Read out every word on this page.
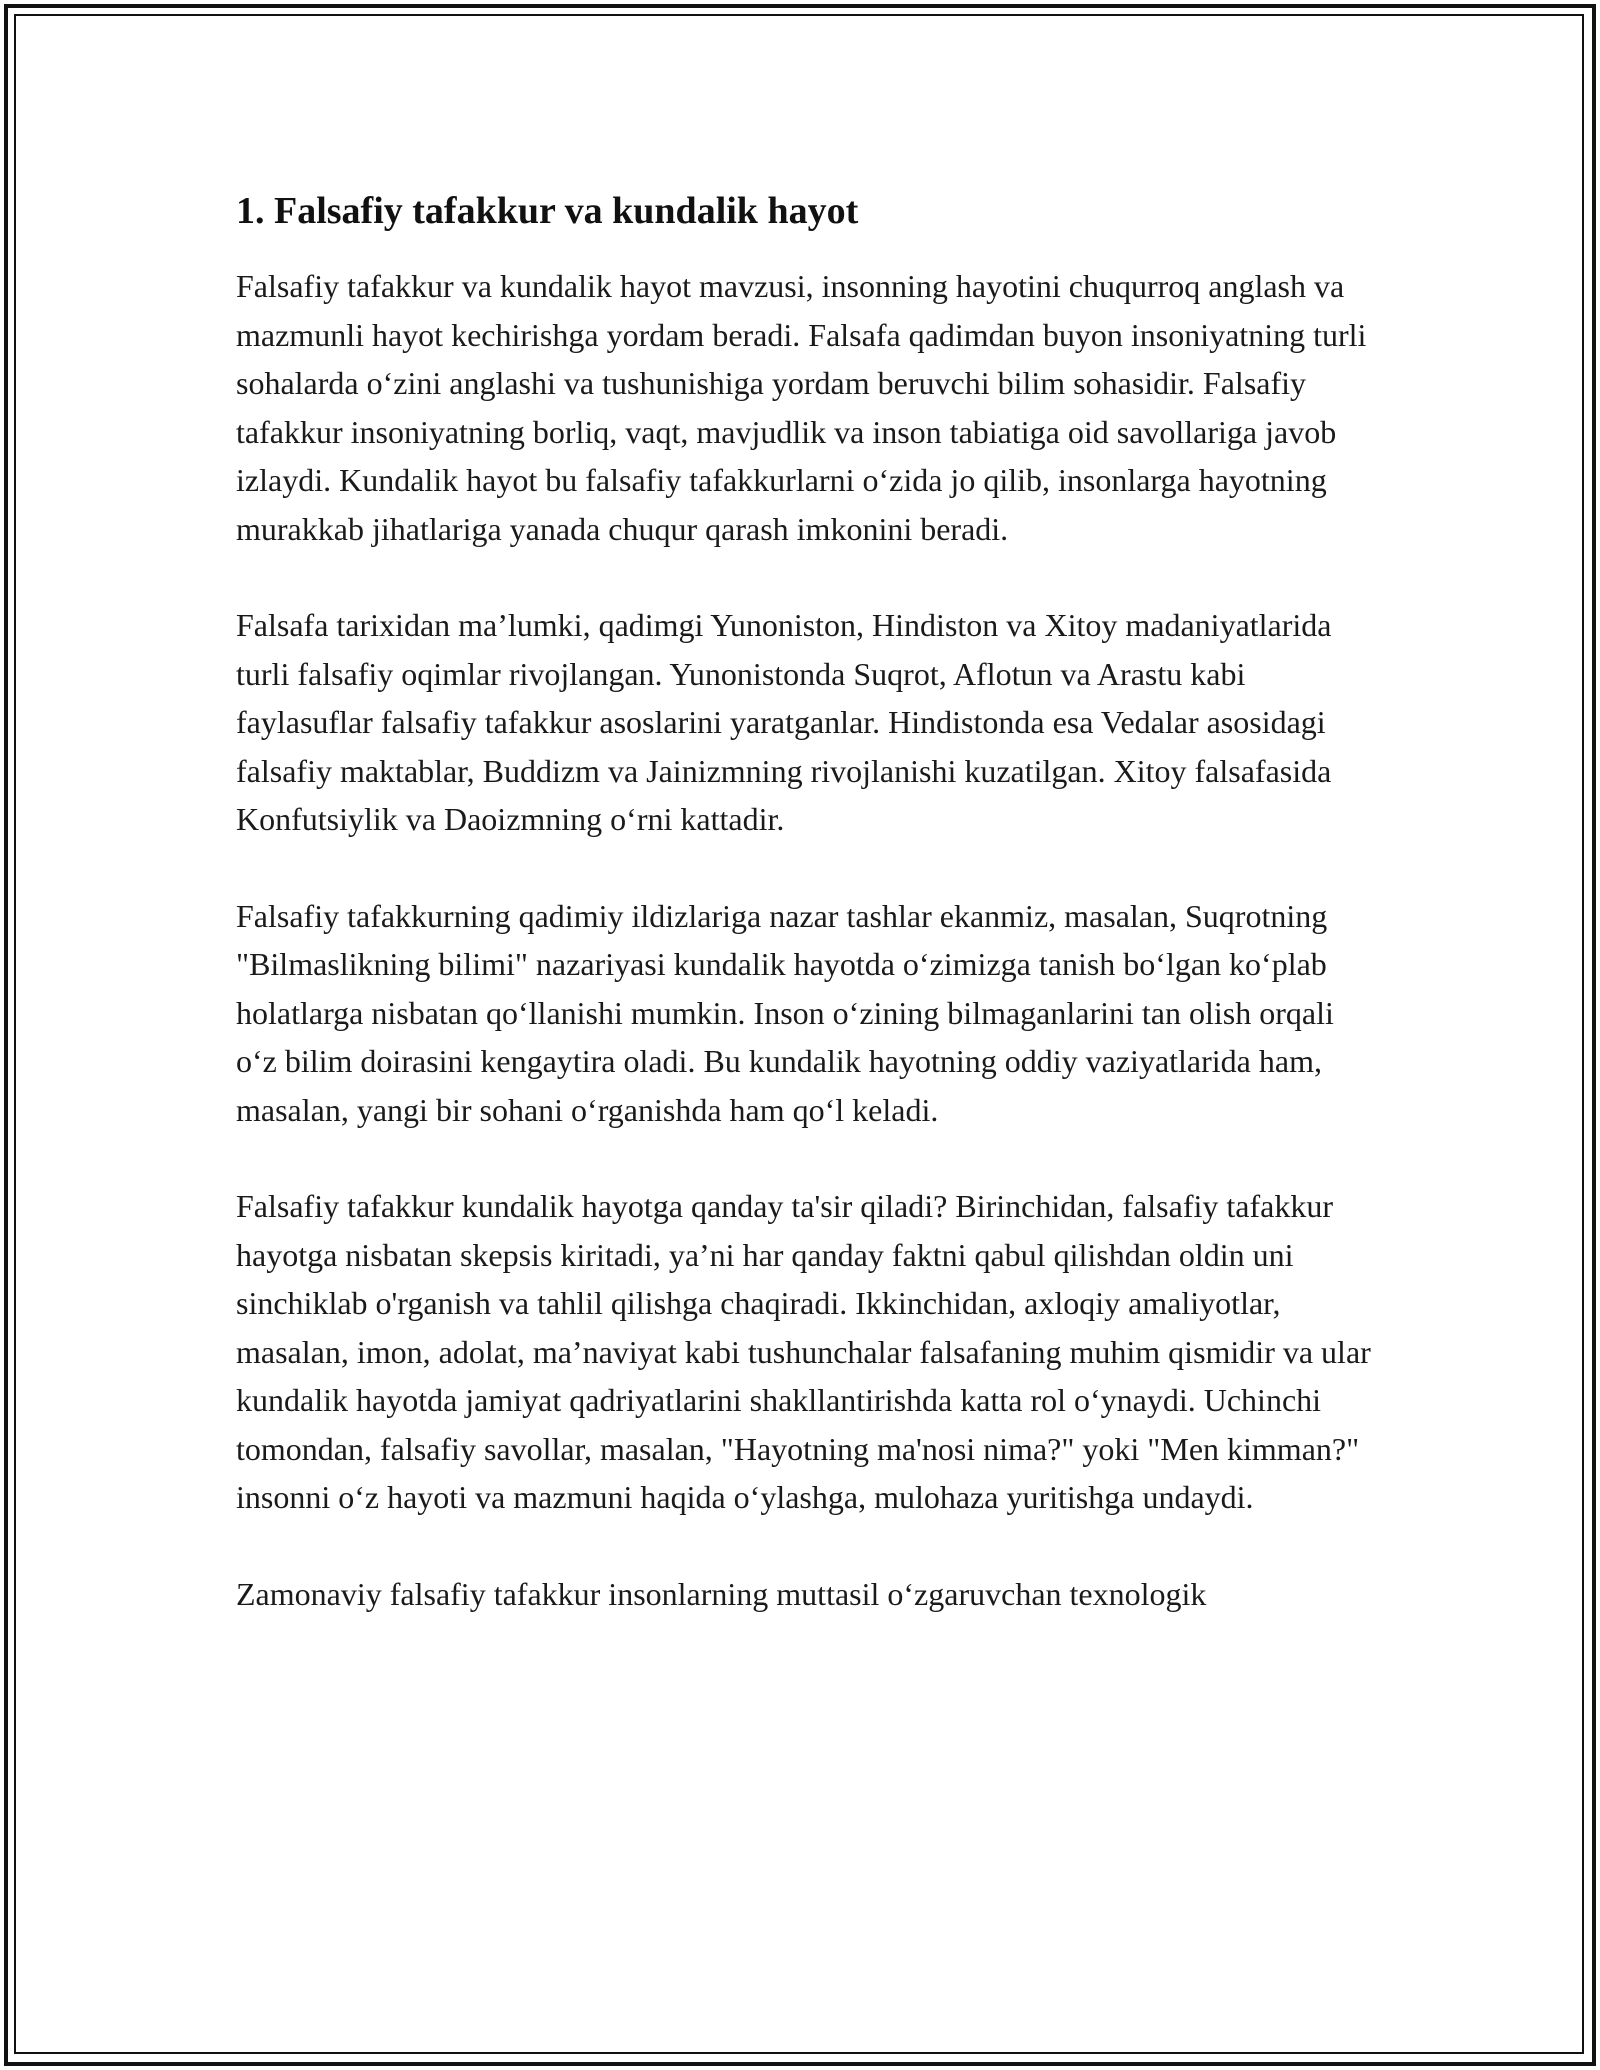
1. Falsafiy tafakkur va kundalik hayot

Falsafiy tafakkur va kundalik hayot mavzusi, insonning hayotini chuqurroq anglash va mazmunli hayot kechirishga yordam beradi. Falsafa qadimdan buyon insoniyatning turli sohalarda oʻzini anglashi va tushunishiga yordam beruvchi bilim sohasidir. Falsafiy tafakkur insoniyatning borliq, vaqt, mavjudlik va inson tabiatiga oid savollariga javob izlaydi. Kundalik hayot bu falsafiy tafakkurlarni oʻzida jo qilib, insonlarga hayotning murakkab jihatlariga yanada chuqur qarash imkonini beradi.

Falsafa tarixidan ma’lumki, qadimgi Yunoniston, Hindiston va Xitoy madaniyatlarida turli falsafiy oqimlar rivojlangan. Yunonistonda Suqrot, Aflotun va Arastu kabi faylasuflar falsafiy tafakkur asoslarini yaratganlar. Hindistonda esa Vedalar asosidagi falsafiy maktablar, Buddizm va Jainizmning rivojlanishi kuzatilgan. Xitoy falsafasida Konfutsiylik va Daoizmning oʻrni kattadir.

Falsafiy tafakkurning qadimiy ildizlariga nazar tashlar ekanmiz, masalan, Suqrotning "Bilmaslikning bilimi" nazariyasi kundalik hayotda oʻzimizga tanish boʻlgan koʻplab holatlarga nisbatan qoʻllanishi mumkin. Inson oʻzining bilmaganlarini tan olish orqali oʻz bilim doirasini kengaytira oladi. Bu kundalik hayotning oddiy vaziyatlarida ham, masalan, yangi bir sohani oʻrganishda ham qoʻl keladi.

Falsafiy tafakkur kundalik hayotga qanday ta'sir qiladi? Birinchidan, falsafiy tafakkur hayotga nisbatan skepsis kiritadi, ya’ni har qanday faktni qabul qilishdan oldin uni sinchiklab o'rganish va tahlil qilishga chaqiradi. Ikkinchidan, axloqiy amaliyotlar, masalan, imon, adolat, ma’naviyat kabi tushunchalar falsafaning muhim qismidir va ular kundalik hayotda jamiyat qadriyatlarini shakllantirishda katta rol oʻynaydi. Uchinchi tomondan, falsafiy savollar, masalan, "Hayotning ma'nosi nima?" yoki "Men kimman?" insonni oʻz hayoti va mazmuni haqida oʻylashga, mulohaza yuritishga undaydi.

Zamonaviy falsafiy tafakkur insonlarning muttasil oʻzgaruvchan texnologik
